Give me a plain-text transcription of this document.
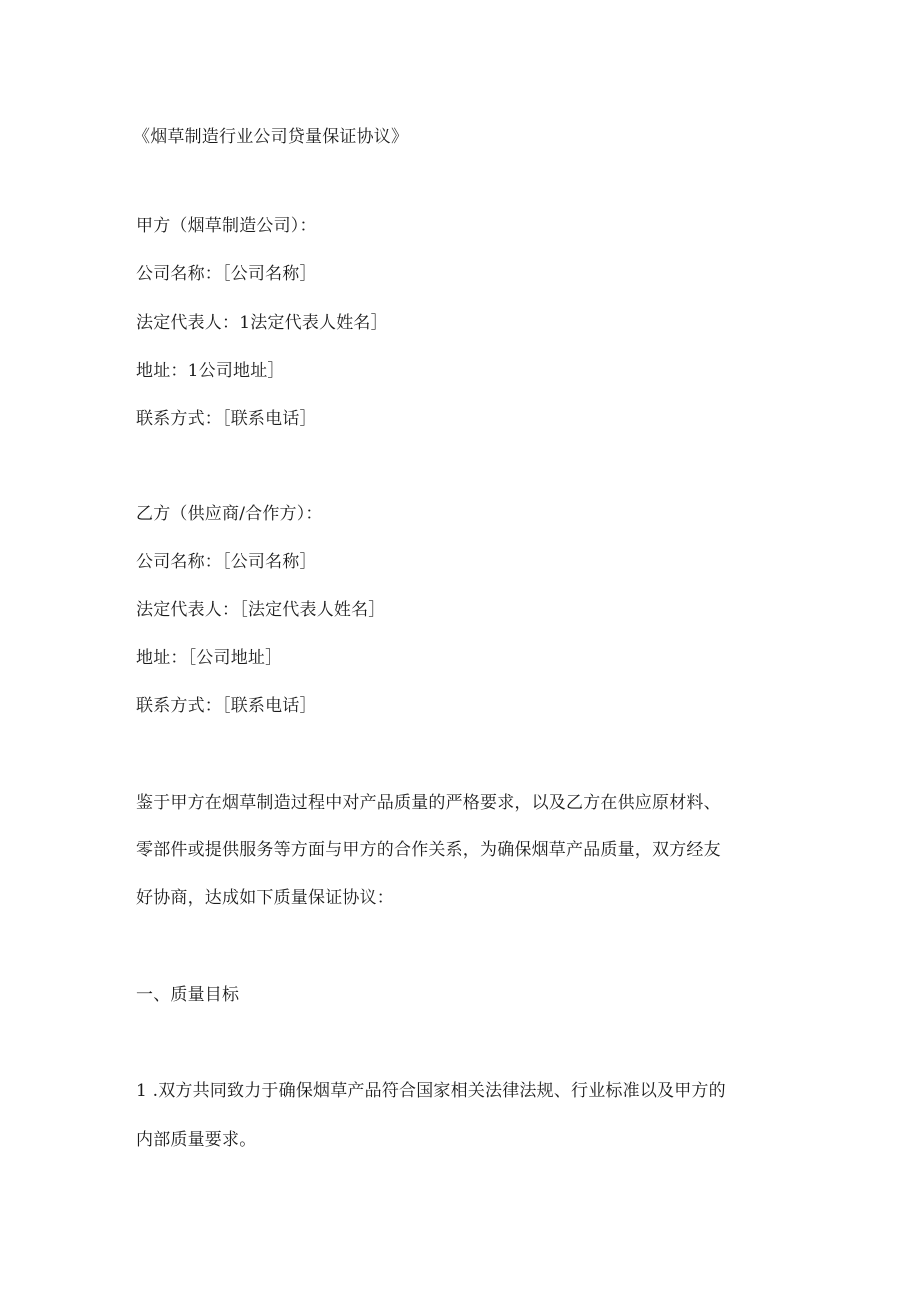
《烟草制造行业公司贷量保证协议》
甲方（烟草制造公司）：
公司名称：［公司名称］
法定代表人：1法定代表人姓名］
地址：1公司地址］
联系方式：［联系电话］
乙方（供应商/合作方）：
公司名称：［公司名称］
法定代表人：［法定代表人姓名］
地址：［公司地址］
联系方式：［联系电话］
鉴于甲方在烟草制造过程中对产品质量的严格要求，以及乙方在供应原材料、
零部件或提供服务等方面与甲方的合作关系，为确保烟草产品质量，双方经友
好协商，达成如下质量保证协议：
一、质量目标
1 .双方共同致力于确保烟草产品符合国家相关法律法规、行业标准以及甲方的
内部质量要求。
